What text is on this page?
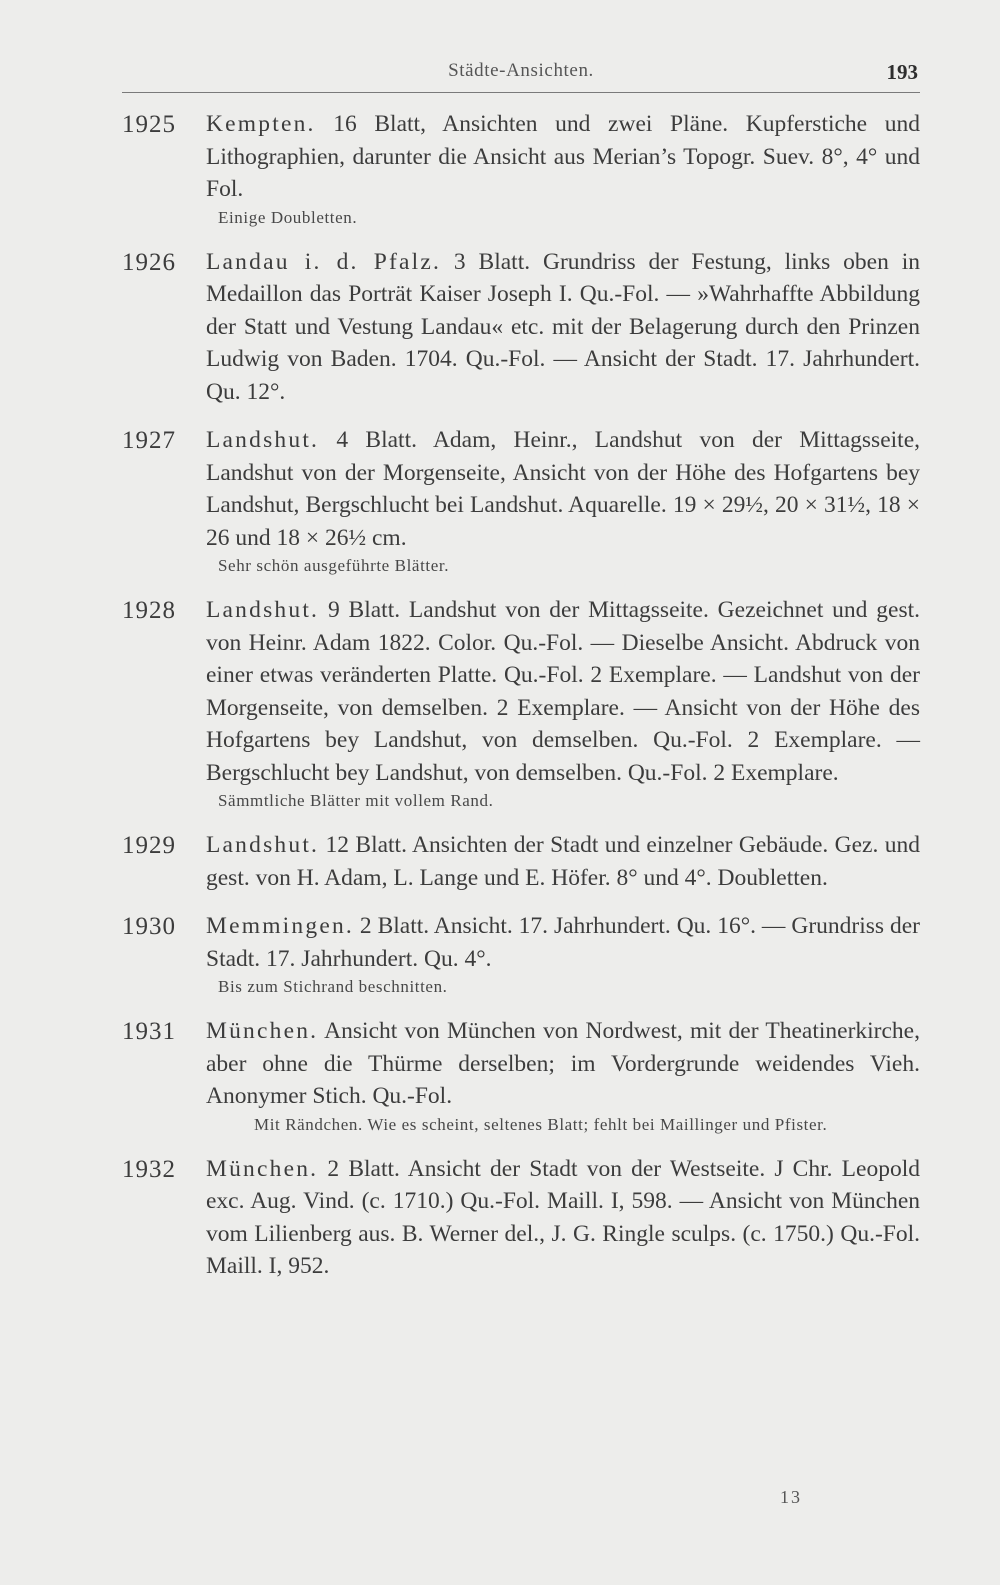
Städte-Ansichten.	193
1925 Kempten. 16 Blatt, Ansichten und zwei Pläne. Kupferstiche und Lithographien, darunter die Ansicht aus Merian’s Topogr. Suev. 8°, 4° und Fol.
Einige Doubletten.
1926 Landau i. d. Pfalz. 3 Blatt. Grundriss der Festung, links oben in Medaillon das Porträt Kaiser Joseph I. Qu.-Fol. — »Wahrhaffte Abbildung der Statt und Vestung Landau« etc. mit der Belagerung durch den Prinzen Ludwig von Baden. 1704. Qu.-Fol. — Ansicht der Stadt. 17. Jahrhundert. Qu. 12°.
1927 Landshut. 4 Blatt. Adam, Heinr., Landshut von der Mittagsseite, Landshut von der Morgenseite, Ansicht von der Höhe des Hofgartens bey Landshut, Bergschlucht bei Landshut. Aquarelle. 19 × 29½, 20 × 31½, 18 × 26 und 18 × 26½ cm.
Sehr schön ausgeführte Blätter.
1928 Landshut. 9 Blatt. Landshut von der Mittagsseite. Gezeichnet und gest. von Heinr. Adam 1822. Color. Qu.-Fol. — Dieselbe Ansicht. Abdruck von einer etwas veränderten Platte. Qu.-Fol. 2 Exemplare. — Landshut von der Morgenseite, von demselben. 2 Exemplare. — Ansicht von der Höhe des Hofgartens bey Landshut, von demselben. Qu.-Fol. 2 Exemplare. — Bergschlucht bey Landshut, von demselben. Qu.-Fol. 2 Exemplare.
Sämmtliche Blätter mit vollem Rand.
1929 Landshut. 12 Blatt. Ansichten der Stadt und einzelner Gebäude. Gez. und gest. von H. Adam, L. Lange und E. Höfer. 8° und 4°. Doubletten.
1930 Memmingen. 2 Blatt. Ansicht. 17. Jahrhundert. Qu. 16°. — Grundriss der Stadt. 17. Jahrhundert. Qu. 4°.
Bis zum Stichrand beschnitten.
1931 München. Ansicht von München von Nordwest, mit der Theatinerkirche, aber ohne die Thürme derselben; im Vordergrunde weidendes Vieh. Anonymer Stich. Qu.-Fol.
Mit Rändchen. Wie es scheint, seltenes Blatt; fehlt bei Maillinger und Pfister.
1932 München. 2 Blatt. Ansicht der Stadt von der Westseite. J Chr. Leopold exc. Aug. Vind. (c. 1710.) Qu.-Fol. Maill. I, 598. — Ansicht von München vom Lilienberg aus. B. Werner del., J. G. Ringle sculps. (c. 1750.) Qu.-Fol. Maill. I, 952.
13
